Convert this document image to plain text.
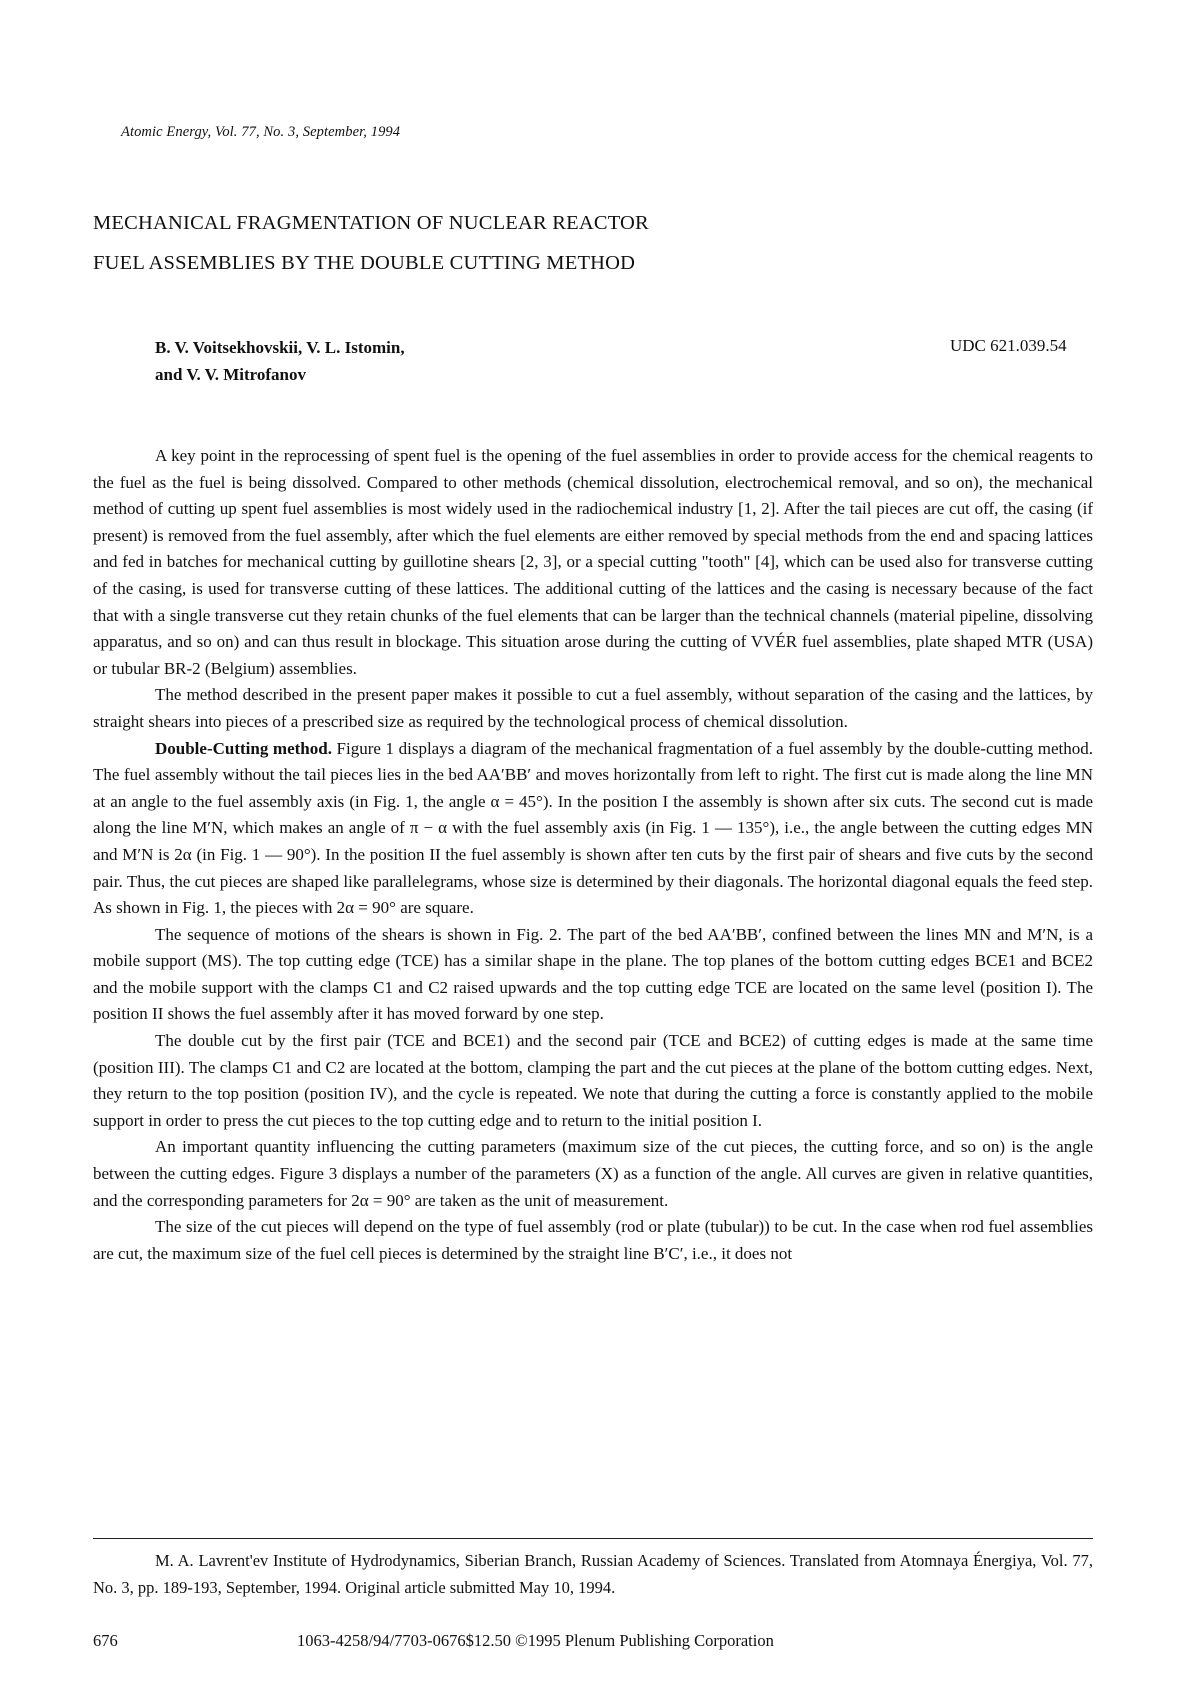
Atomic Energy, Vol. 77, No. 3, September, 1994
MECHANICAL FRAGMENTATION OF NUCLEAR REACTOR
FUEL ASSEMBLIES BY THE DOUBLE CUTTING METHOD
B. V. Voitsekhovskii, V. L. Istomin,
and V. V. Mitrofanov
UDC 621.039.54

A key point in the reprocessing of spent fuel is the opening of the fuel assemblies in order to provide access for the chemical reagents to the fuel as the fuel is being dissolved. Compared to other methods (chemical dissolution, electrochemical removal, and so on), the mechanical method of cutting up spent fuel assemblies is most widely used in the radiochemical industry [1, 2]. After the tail pieces are cut off, the casing (if present) is removed from the fuel assembly, after which the fuel elements are either removed by special methods from the end and spacing lattices and fed in batches for mechanical cutting by guillotine shears [2, 3], or a special cutting "tooth" [4], which can be used also for transverse cutting of the casing, is used for transverse cutting of these lattices. The additional cutting of the lattices and the casing is necessary because of the fact that with a single transverse cut they retain chunks of the fuel elements that can be larger than the technical channels (material pipeline, dissolving apparatus, and so on) and can thus result in blockage. This situation arose during the cutting of VVÉR fuel assemblies, plate shaped MTR (USA) or tubular BR-2 (Belgium) assemblies.

The method described in the present paper makes it possible to cut a fuel assembly, without separation of the casing and the lattices, by straight shears into pieces of a prescribed size as required by the technological process of chemical dissolution.

Double-Cutting method. Figure 1 displays a diagram of the mechanical fragmentation of a fuel assembly by the double-cutting method. The fuel assembly without the tail pieces lies in the bed AA′BB′ and moves horizontally from left to right. The first cut is made along the line MN at an angle to the fuel assembly axis (in Fig. 1, the angle α = 45°). In the position I the assembly is shown after six cuts. The second cut is made along the line M′N, which makes an angle of π − α with the fuel assembly axis (in Fig. 1 — 135°), i.e., the angle between the cutting edges MN and M′N is 2α (in Fig. 1 — 90°). In the position II the fuel assembly is shown after ten cuts by the first pair of shears and five cuts by the second pair. Thus, the cut pieces are shaped like parallelegrams, whose size is determined by their diagonals. The horizontal diagonal equals the feed step. As shown in Fig. 1, the pieces with 2α = 90° are square.

The sequence of motions of the shears is shown in Fig. 2. The part of the bed AA′BB′, confined between the lines MN and M′N, is a mobile support (MS). The top cutting edge (TCE) has a similar shape in the plane. The top planes of the bottom cutting edges BCE1 and BCE2 and the mobile support with the clamps C1 and C2 raised upwards and the top cutting edge TCE are located on the same level (position I). The position II shows the fuel assembly after it has moved forward by one step.

The double cut by the first pair (TCE and BCE1) and the second pair (TCE and BCE2) of cutting edges is made at the same time (position III). The clamps C1 and C2 are located at the bottom, clamping the part and the cut pieces at the plane of the bottom cutting edges. Next, they return to the top position (position IV), and the cycle is repeated. We note that during the cutting a force is constantly applied to the mobile support in order to press the cut pieces to the top cutting edge and to return to the initial position I.

An important quantity influencing the cutting parameters (maximum size of the cut pieces, the cutting force, and so on) is the angle between the cutting edges. Figure 3 displays a number of the parameters (X) as a function of the angle. All curves are given in relative quantities, and the corresponding parameters for 2α = 90° are taken as the unit of measurement.

The size of the cut pieces will depend on the type of fuel assembly (rod or plate (tubular)) to be cut. In the case when rod fuel assemblies are cut, the maximum size of the fuel cell pieces is determined by the straight line B′C′, i.e., it does not

M. A. Lavrent'ev Institute of Hydrodynamics, Siberian Branch, Russian Academy of Sciences. Translated from Atomnaya Énergiya, Vol. 77, No. 3, pp. 189-193, September, 1994. Original article submitted May 10, 1994.
676	1063-4258/94/7703-0676$12.50 ©1995 Plenum Publishing Corporation
